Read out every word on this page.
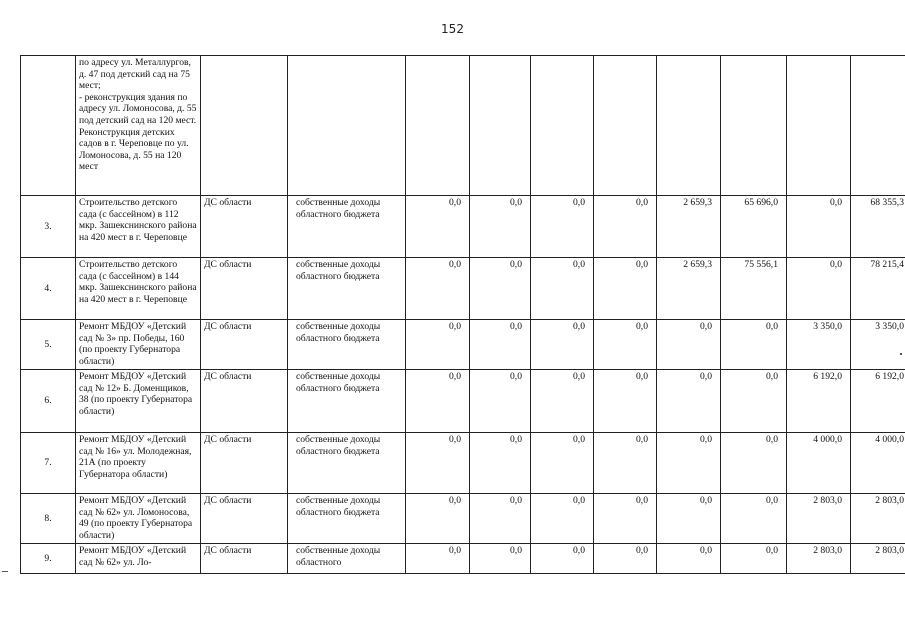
152
	по адресу ул. Металлургов, д. 47 под детский сад на 75 мест;
- реконструкция здания по адресу ул. Ломоносова, д. 55 под детский сад на 120 мест.
Реконструкция детских садов в г. Череповце по ул. Ломоносова, д. 55 на 120 мест										
3.	Строительство детского сада (с бассейном) в 112 мкр. Зашекснинского района на 420 мест в г. Череповце	ДС области	собственные доходы областного бюджета	0,0	0,0	0,0	0,0	2 659,3	65 696,0	0,0	68 355,3
4.	Строительство детского сада (с бассейном) в 144 мкр. Зашекснинского района на 420 мест в г. Череповце	ДС области	собственные доходы областного бюджета	0,0	0,0	0,0	0,0	2 659,3	75 556,1	0,0	78 215,4
5.	Ремонт МБДОУ «Детский сад № 3» пр. Победы, 160 (по проекту Губернатора области)	ДС области	собственные доходы областного бюджета	0,0	0,0	0,0	0,0	0,0	0,0	3 350,0	3 350,0
6.	Ремонт МБДОУ «Детский сад № 12» Б. Доменщиков, 38 (по проекту Губернатора области)	ДС области	собственные доходы областного бюджета	0,0	0,0	0,0	0,0	0,0	0,0	6 192,0	6 192,0
7.	Ремонт МБДОУ «Детский сад № 16» ул. Молодежная, 21А (по проекту Губернатора области)	ДС области	собственные доходы областного бюджета	0,0	0,0	0,0	0,0	0,0	0,0	4 000,0	4 000,0
8.	Ремонт МБДОУ «Детский сад № 62» ул. Ломоносова, 49 (по проекту Губернатора области)	ДС области	собственные доходы областного бюджета	0,0	0,0	0,0	0,0	0,0	0,0	2 803,0	2 803,0
9.	Ремонт МБДОУ «Детский сад № 62» ул. Ло-	ДС области	собственные доходы областного	0,0	0,0	0,0	0,0	0,0	0,0	2 803,0	2 803,0
